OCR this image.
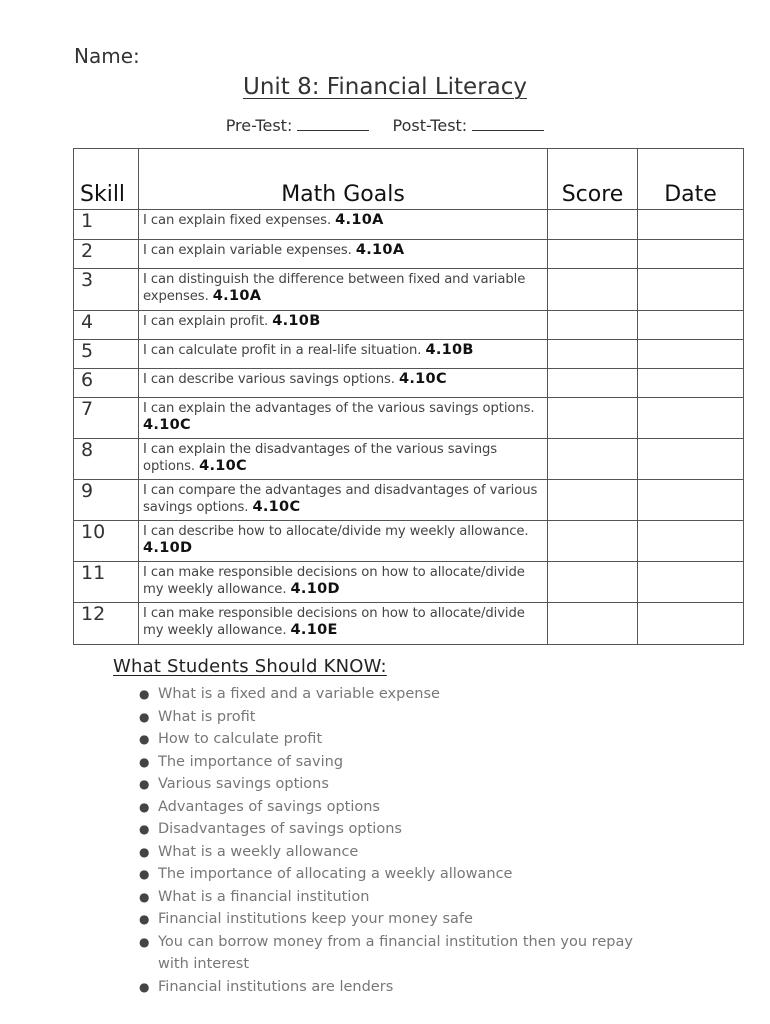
Name:
Unit 8: Financial Literacy
Pre-Test:	Post-Test:
Skill	Math Goals	Score	Date
1	I can explain fixed expenses. 4.10A		
2	I can explain variable expenses. 4.10A		
3	I can distinguish the difference between fixed and variable expenses. 4.10A		
4	I can explain profit. 4.10B		
5	I can calculate profit in a real-life situation. 4.10B		
6	I can describe various savings options. 4.10C		
7	I can explain the advantages of the various savings options. 4.10C		
8	I can explain the disadvantages of the various savings options. 4.10C		
9	I can compare the advantages and disadvantages of various savings options. 4.10C		
10	I can describe how to allocate/divide my weekly allowance. 4.10D		
11	I can make responsible decisions on how to allocate/divide my weekly allowance. 4.10D		
12	I can make responsible decisions on how to allocate/divide my weekly allowance. 4.10E		
What Students Should KNOW:
● What is a fixed and a variable expense
● What is profit
● How to calculate profit
● The importance of saving
● Various savings options
● Advantages of savings options
● Disadvantages of savings options
● What is a weekly allowance
● The importance of allocating a weekly allowance
● What is a financial institution
● Financial institutions keep your money safe
● You can borrow money from a financial institution then you repay with interest
● Financial institutions are lenders
